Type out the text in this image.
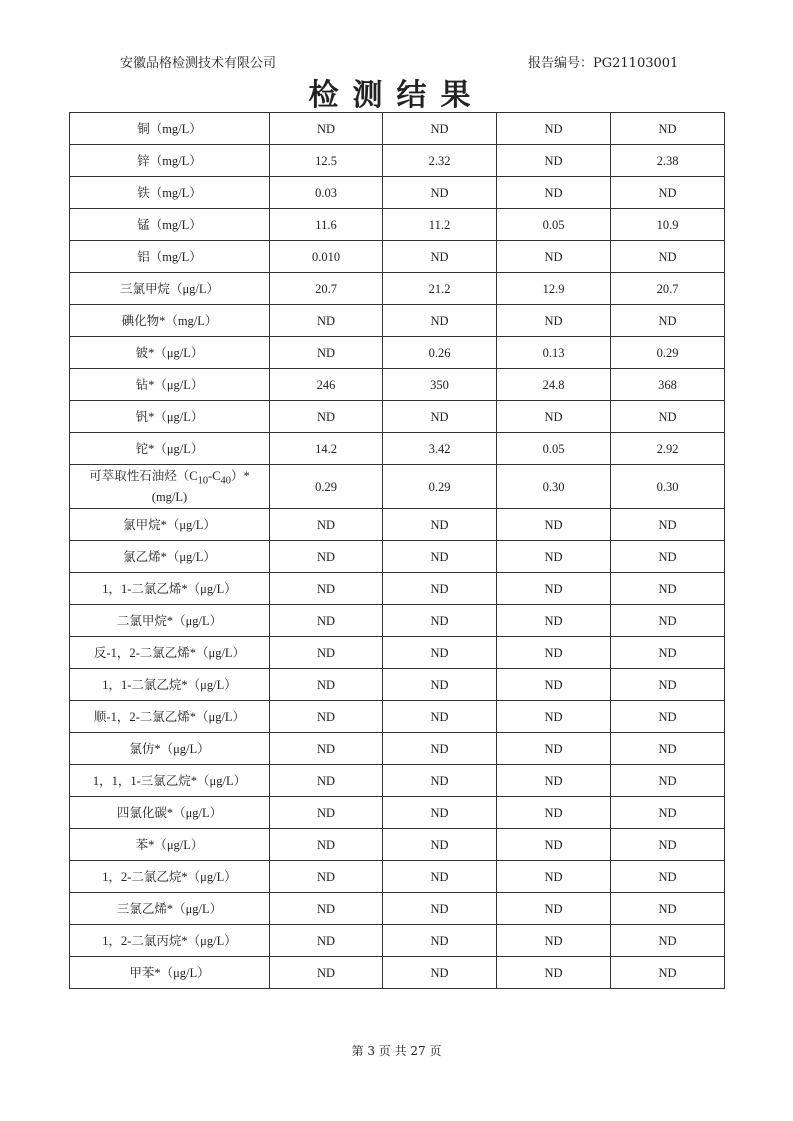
安徽品格检测技术有限公司	报告编号：PG21103001
检测结果
铜（mg/L）	ND	ND	ND	ND
锌（mg/L）	12.5	2.32	ND	2.38
铁（mg/L）	0.03	ND	ND	ND
锰（mg/L）	11.6	11.2	0.05	10.9
铝（mg/L）	0.010	ND	ND	ND
三氯甲烷（μg/L）	20.7	21.2	12.9	20.7
碘化物*（mg/L）	ND	ND	ND	ND
铍*（μg/L）	ND	0.26	0.13	0.29
钻*（μg/L）	246	350	24.8	368
钒*（μg/L）	ND	ND	ND	ND
铊*（μg/L）	14.2	3.42	0.05	2.92
可萃取性石油烃$(C_{10}-C_{40})*$
(mg/L)	0.29	0.29	0.30	0.30
氯甲烷*（μg/L）	ND	ND	ND	ND
氯乙烯*（μg/L）	ND	ND	ND	ND
1，1-二氯乙烯*（μg/L）	ND	ND	ND	ND
二氯甲烷*（μg/L）	ND	ND	ND	ND
反-1，2-二氯乙烯*（μg/L）	ND	ND	ND	ND
1，1-二氯乙烷*（μg/L）	ND	ND	ND	ND
顺-1，2-二氯乙烯*（μg/L）	ND	ND	ND	ND
氯仿*（μg/L）	ND	ND	ND	ND
1，1，1-三氯乙烷*（μg/L）	ND	ND	ND	ND
四氯化碳*（μg/L）	ND	ND	ND	ND
苯*（μg/L）	ND	ND	ND	ND
1，2-二氯乙烷*（μg/L）	ND	ND	ND	ND
三氯乙烯*（μg/L）	ND	ND	ND	ND
1，2-二氯丙烷*（μg/L）	ND	ND	ND	ND
甲苯*（μg/L）	ND	ND	ND	ND
第 3 页 共 27 页
